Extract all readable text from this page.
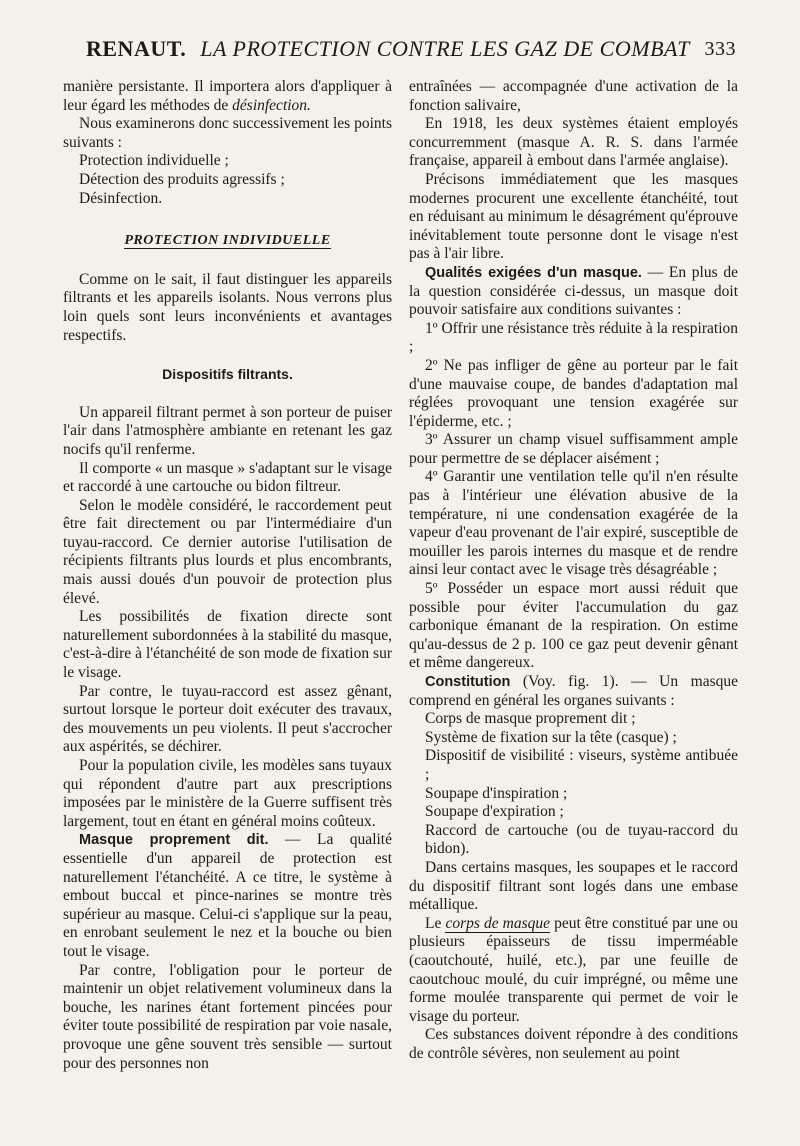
RENAUT. LA PROTECTION CONTRE LES GAZ DE COMBAT 333

manière persistante. Il importera alors d'appliquer à leur égard les méthodes de désinfection.

Nous examinerons donc successivement les points suivants :

Protection individuelle ;

Détection des produits agressifs ;

Désinfection.

PROTECTION INDIVIDUELLE

Comme on le sait, il faut distinguer les appareils filtrants et les appareils isolants. Nous verrons plus loin quels sont leurs inconvénients et avantages respectifs.

Dispositifs filtrants.

Un appareil filtrant permet à son porteur de puiser l'air dans l'atmosphère ambiante en retenant les gaz nocifs qu'il renferme.

Il comporte « un masque » s'adaptant sur le visage et raccordé à une cartouche ou bidon filtreur.

Selon le modèle considéré, le raccordement peut être fait directement ou par l'intermédiaire d'un tuyau-raccord. Ce dernier autorise l'utilisation de récipients filtrants plus lourds et plus encombrants, mais aussi doués d'un pouvoir de protection plus élevé.

Les possibilités de fixation directe sont naturellement subordonnées à la stabilité du masque, c'est-à-dire à l'étanchéité de son mode de fixation sur le visage.

Par contre, le tuyau-raccord est assez gênant, surtout lorsque le porteur doit exécuter des travaux, des mouvements un peu violents. Il peut s'accrocher aux aspérités, se déchirer.

Pour la population civile, les modèles sans tuyaux qui répondent d'autre part aux prescriptions imposées par le ministère de la Guerre suffisent très largement, tout en étant en général moins coûteux.

Masque proprement dit. — La qualité essentielle d'un appareil de protection est naturellement l'étanchéité. A ce titre, le système à embout buccal et pince-narines se montre très supérieur au masque. Celui-ci s'applique sur la peau, en enrobant seulement le nez et la bouche ou bien tout le visage.

Par contre, l'obligation pour le porteur de maintenir un objet relativement volumineux dans la bouche, les narines étant fortement pincées pour éviter toute possibilité de respiration par voie nasale, provoque une gêne souvent très sensible — surtout pour des personnes non

entraînées — accompagnée d'une activation de la fonction salivaire,

En 1918, les deux systèmes étaient employés concurremment (masque A. R. S. dans l'armée française, appareil à embout dans l'armée anglaise).

Précisons immédiatement que les masques modernes procurent une excellente étanchéité, tout en réduisant au minimum le désagrément qu'éprouve inévitablement toute personne dont le visage n'est pas à l'air libre.

Qualités exigées d'un masque. — En plus de la question considérée ci-dessus, un masque doit pouvoir satisfaire aux conditions suivantes :

1º Offrir une résistance très réduite à la respiration ;

2º Ne pas infliger de gêne au porteur par le fait d'une mauvaise coupe, de bandes d'adaptation mal réglées provoquant une tension exagérée sur l'épiderme, etc. ;

3º Assurer un champ visuel suffisamment ample pour permettre de se déplacer aisément ;

4º Garantir une ventilation telle qu'il n'en résulte pas à l'intérieur une élévation abusive de la température, ni une condensation exagérée de la vapeur d'eau provenant de l'air expiré, susceptible de mouiller les parois internes du masque et de rendre ainsi leur contact avec le visage très désagréable ;

5º Posséder un espace mort aussi réduit que possible pour éviter l'accumulation du gaz carbonique émanant de la respiration. On estime qu'au-dessus de 2 p. 100 ce gaz peut devenir gênant et même dangereux.

Constitution (Voy. fig. 1). — Un masque comprend en général les organes suivants :

Corps de masque proprement dit ;

Système de fixation sur la tête (casque) ;

Dispositif de visibilité : viseurs, système antibuée ;

Soupape d'inspiration ;

Soupape d'expiration ;

Raccord de cartouche (ou de tuyau-raccord du bidon).

Dans certains masques, les soupapes et le raccord du dispositif filtrant sont logés dans une embase métallique.

Le corps de masque peut être constitué par une ou plusieurs épaisseurs de tissu imperméable (caoutchouté, huilé, etc.), par une feuille de caoutchouc moulé, du cuir imprégné, ou même une forme moulée transparente qui permet de voir le visage du porteur.

Ces substances doivent répondre à des conditions de contrôle sévères, non seulement au point
